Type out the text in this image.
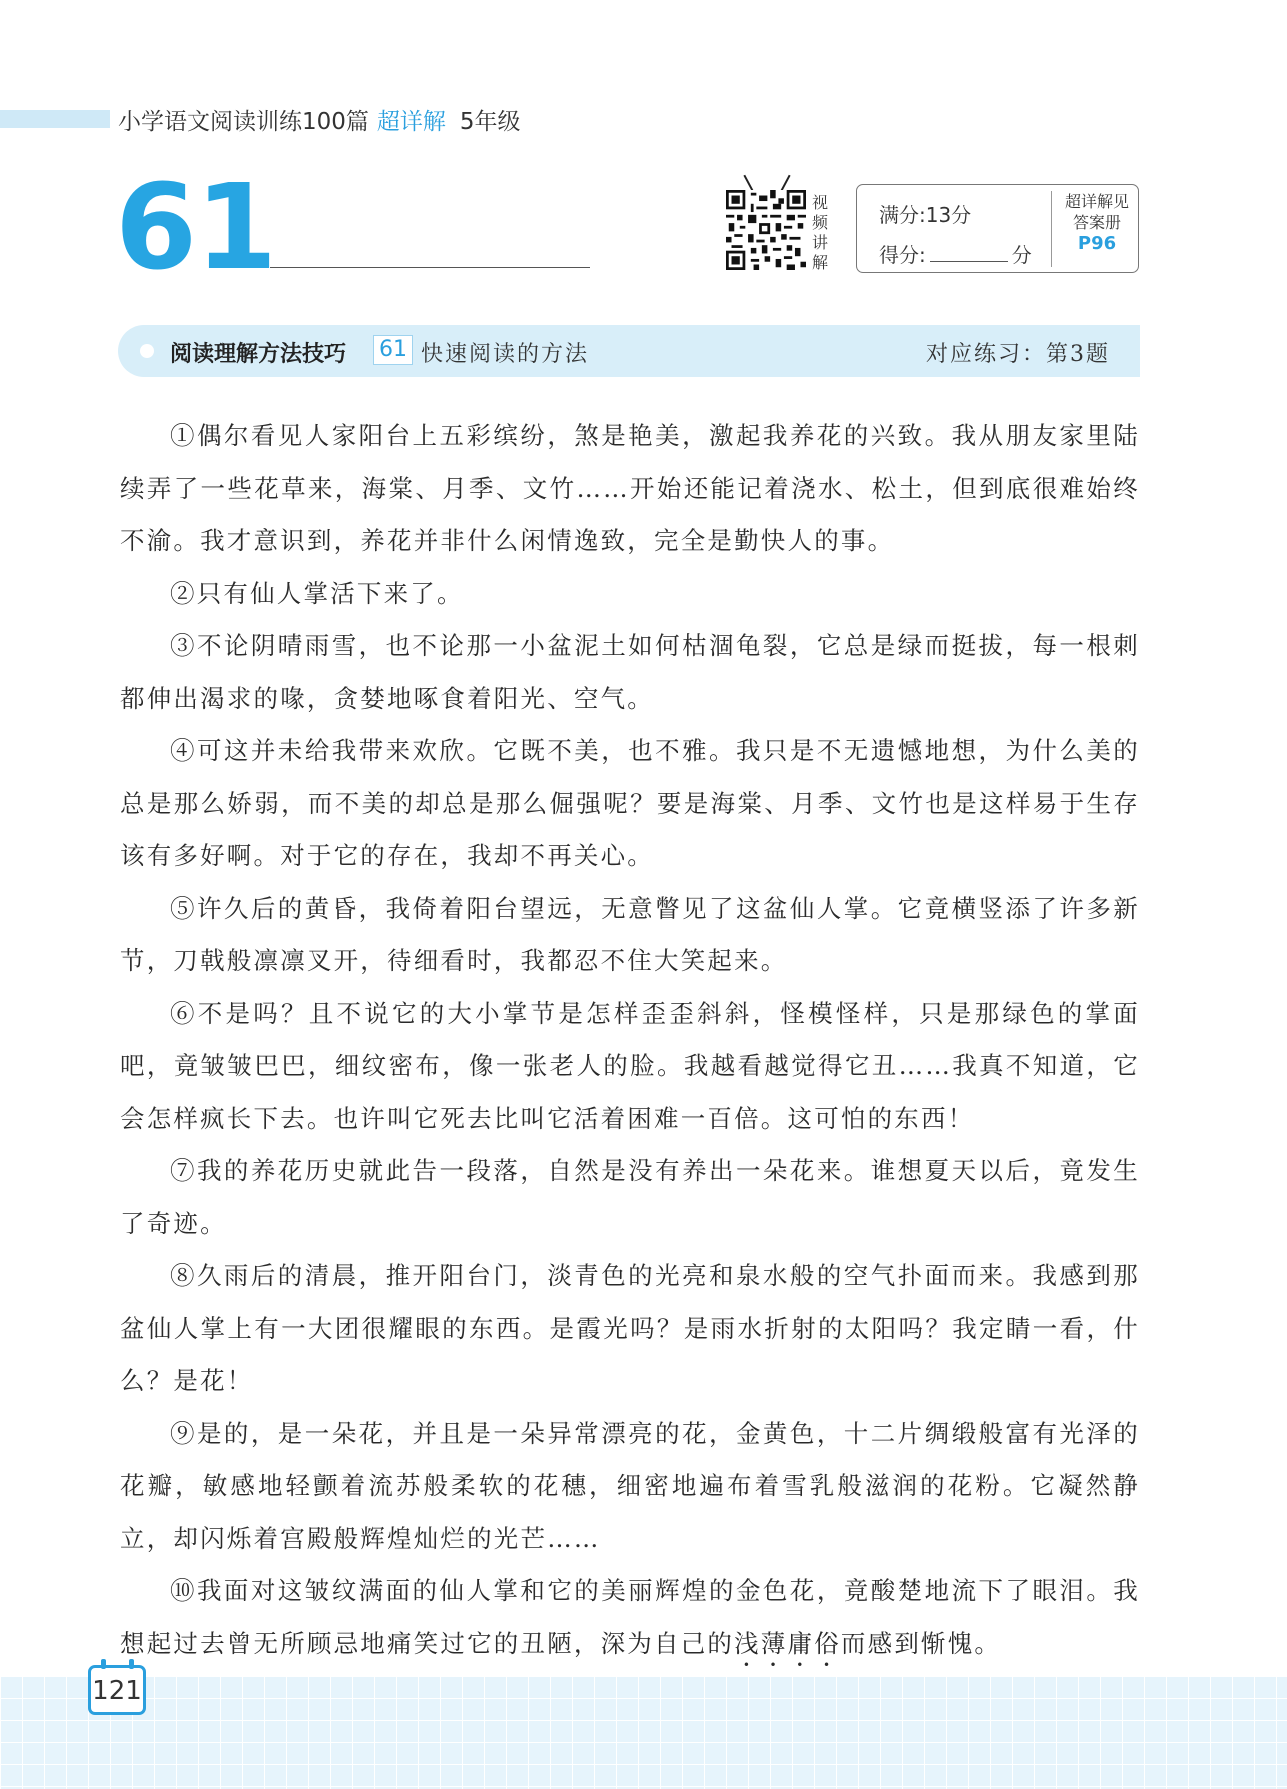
小学语文阅读训练100篇 超详解 5年级
61	视
频
讲
解
满分:13分
得分:	分
超详解见
答案册
P96
阅读理解方法技巧 61 快速阅读的方法	对应练习：第3题

①偶尔看见人家阳台上五彩缤纷，煞是艳美，激起我养花的兴致。我从朋友家里陆续弄了一些花草来，海棠、月季、文竹……开始还能记着浇水、松土，但到底很难始终不渝。我才意识到，养花并非什么闲情逸致，完全是勤快人的事。

②只有仙人掌活下来了。

③不论阴晴雨雪，也不论那一小盆泥土如何枯涸龟裂，它总是绿而挺拔，每一根刺都伸出渴求的喙，贪婪地啄食着阳光、空气。

④可这并未给我带来欢欣。它既不美，也不雅。我只是不无遗憾地想，为什么美的总是那么娇弱，而不美的却总是那么倔强呢？要是海棠、月季、文竹也是这样易于生存该有多好啊。对于它的存在，我却不再关心。

⑤许久后的黄昏，我倚着阳台望远，无意瞥见了这盆仙人掌。它竟横竖添了许多新节，刀戟般凛凛叉开，待细看时，我都忍不住大笑起来。

⑥不是吗？且不说它的大小掌节是怎样歪歪斜斜，怪模怪样，只是那绿色的掌面吧，竟皱皱巴巴，细纹密布，像一张老人的脸。我越看越觉得它丑……我真不知道，它会怎样疯长下去。也许叫它死去比叫它活着困难一百倍。这可怕的东西！

⑦我的养花历史就此告一段落，自然是没有养出一朵花来。谁想夏天以后，竟发生了奇迹。

⑧久雨后的清晨，推开阳台门，淡青色的光亮和泉水般的空气扑面而来。我感到那盆仙人掌上有一大团很耀眼的东西。是霞光吗？是雨水折射的太阳吗？我定睛一看，什么？是花！

⑨是的，是一朵花，并且是一朵异常漂亮的花，金黄色，十二片绸缎般富有光泽的花瓣，敏感地轻颤着流苏般柔软的花穗，细密地遍布着雪乳般滋润的花粉。它凝然静立，却闪烁着宫殿般辉煌灿烂的光芒……

⑩我面对这皱纹满面的仙人掌和它的美丽辉煌的金色花，竟酸楚地流下了眼泪。我想起过去曾无所顾忌地痛笑过它的丑陋，深为自己的浅薄庸俗而感到惭愧。

121
